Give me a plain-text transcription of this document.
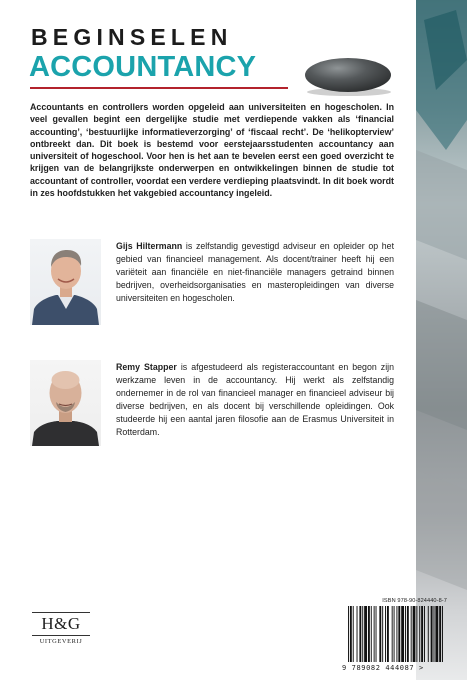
BEGINSELEN
ACCOUNTANCY

Accountants en controllers worden opgeleid aan universiteiten en hogescholen. In veel gevallen begint een dergelijke studie met verdiepende vakken als ‘financial accounting’, ‘bestuurlijke informatieverzorging’ of ‘fiscaal recht’. De ‘helikopterview’ ontbreekt dan. Dit boek is bestemd voor eerstejaarsstudenten accountancy aan universiteit of hogeschool. Voor hen is het aan te bevelen eerst een goed overzicht te krijgen van de belangrijkste onderwerpen en ontwikkelingen binnen de studie tot accountant of controller, voordat een verdere verdieping plaatsvindt. In dit boek wordt in zes hoofdstukken het vakgebied accountancy ingeleid.

Gijs Hiltermann is zelfstandig gevestigd adviseur en opleider op het gebied van financieel management. Als docent/trainer heeft hij een variëteit aan financiële en niet-financiële managers getraind binnen bedrijven, overheidsorganisaties en masteropleidingen van diverse universiteiten en hogescholen.

Remy Stapper is afgestudeerd als registeraccountant en begon zijn werkzame leven in de accountancy. Hij werkt als zelfstandig ondernemer in de rol van financieel manager en financieel adviseur bij diverse bedrijven, en als docent bij verschillende opleidingen. Ook studeerde hij een aantal jaren filosofie aan de Erasmus Universiteit in Rotterdam.

H&G
UITGEVERIJ
ISBN 978-90-824440-8-7
9 789082 444087 >
